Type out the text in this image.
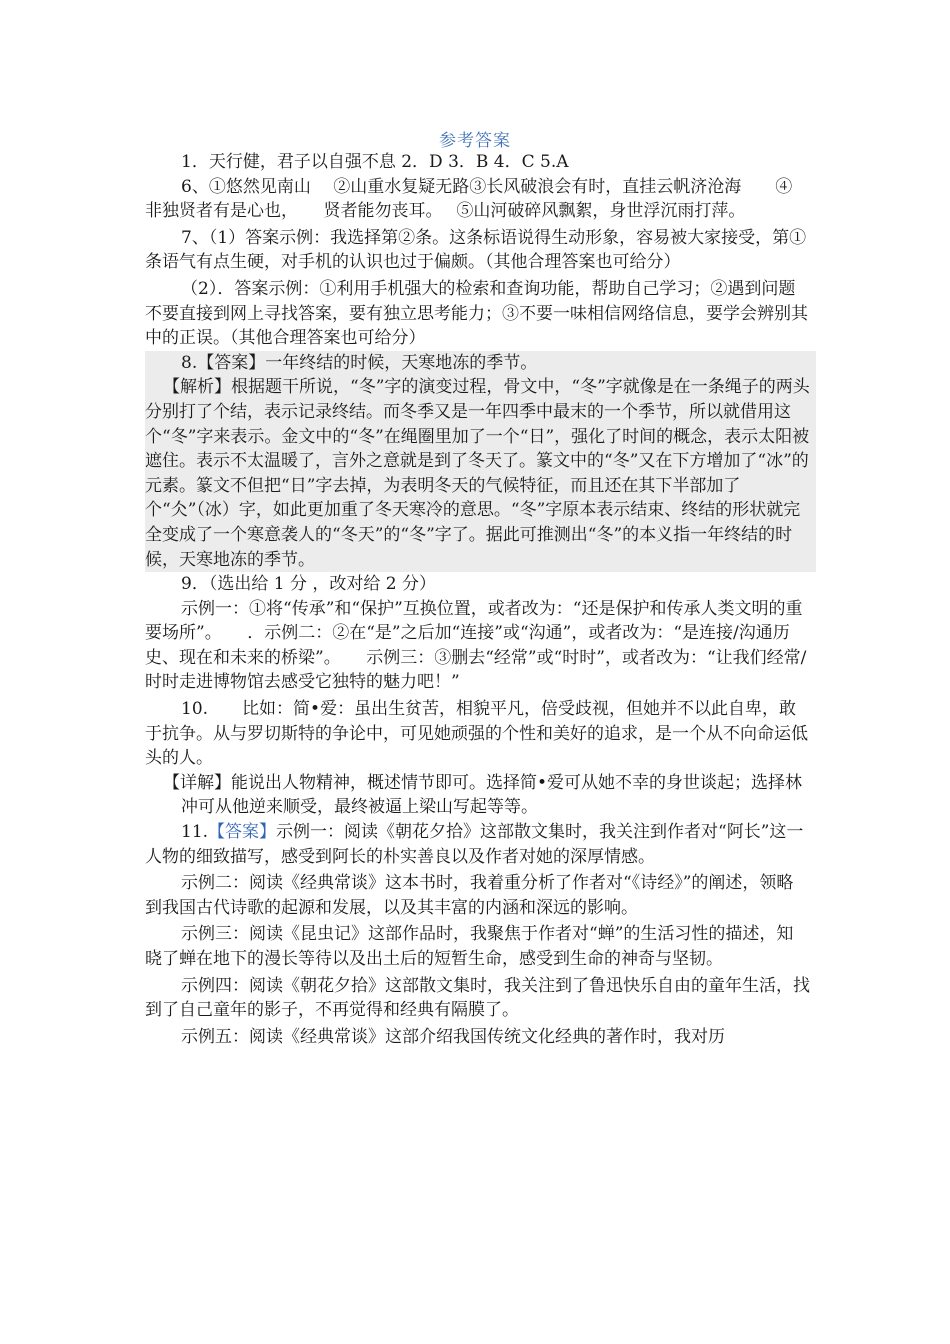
参考答案

1．天行健，君子以自强不息 2．D 3．B 4．C 5.A

6、①悠然见南山　 ②山重水复疑无路③长风破浪会有时，直挂云帆济沧海　　④ 非独贤者有是心也，　　贤者能勿丧耳。　 ⑤山河破碎风飘絮，身世浮沉雨打萍。

7、（1）答案示例：我选择第②条。这条标语说得生动形象，容易被大家接受，第①条语气有点生硬，对手机的认识也过于偏颇。（其他合理答案也可给分）

（2）．答案示例：①利用手机强大的检索和查询功能，帮助自己学习；②遇到问题不要直接到网上寻找答案，要有独立思考能力；③不要一味相信网络信息，要学会辨别其中的正误。（其他合理答案也可给分）

8.【答案】一年终结的时候，天寒地冻的季节。

【解析】根据题干所说，“冬”字的演变过程，骨文中，“冬”字就像是在一条绳子的两头分别打了个结，表示记录终结。而冬季又是一年四季中最末的一个季节，所以就借用这个“冬”字来表示。金文中的“冬”在绳圈里加了一个“日”，强化了时间的概念，表示太阳被遮住。表示不太温暖了，言外之意就是到了冬天了。篆文中的“冬”又在下方增加了“冰”的元素。篆文不但把“日”字去掉，为表明冬天的气候特征，而且还在其下半部加了个“仌”（冰）字，如此更加重了冬天寒冷的意思。“冬”字原本表示结束、终结的形状就完全变成了一个寒意袭人的“冬天”的“冬”字了。据此可推测出“冬”的本义指一年终结的时候，天寒地冻的季节。

9．（选出给 1 分 ，改对给 2 分）

示例一：①将“传承”和“保护”互换位置，或者改为：“还是保护和传承人类文明的重要场所”。　　．示例二：②在“是”之后加“连接”或“沟通”，或者改为：“是连接/沟通历史、现在和未来的桥梁”。　　示例三：③删去“经常”或“时时”，或者改为：“让我们经常/时时走进博物馆去感受它独特的魅力吧！”

10.　　比如：简•爱：虽出生贫苦，相貌平凡，倍受歧视，但她并不以此自卑，敢于抗争。从与罗切斯特的争论中，可见她顽强的个性和美好的追求，是一个从不向命运低头的人。

【详解】能说出人物精神，概述情节即可。选择简•爱可从她不幸的身世谈起；选择林冲可从他逆来顺受，最终被逼上梁山写起等等。

11.【答案】示例一：阅读《朝花夕拾》这部散文集时，我关注到作者对“阿长”这一人物的细致描写，感受到阿长的朴实善良以及作者对她的深厚情感。

示例二：阅读《经典常谈》这本书时，我着重分析了作者对“《诗经》”的阐述，领略到我国古代诗歌的起源和发展，以及其丰富的内涵和深远的影响。

示例三：阅读《昆虫记》这部作品时，我聚焦于作者对“蝉”的生活习性的描述，知晓了蝉在地下的漫长等待以及出土后的短暂生命，感受到生命的神奇与坚韧。

示例四：阅读《朝花夕拾》这部散文集时，我关注到了鲁迅快乐自由的童年生活，找到了自己童年的影子，不再觉得和经典有隔膜了。

示例五：阅读《经典常谈》这部介绍我国传统文化经典的著作时，我对历
